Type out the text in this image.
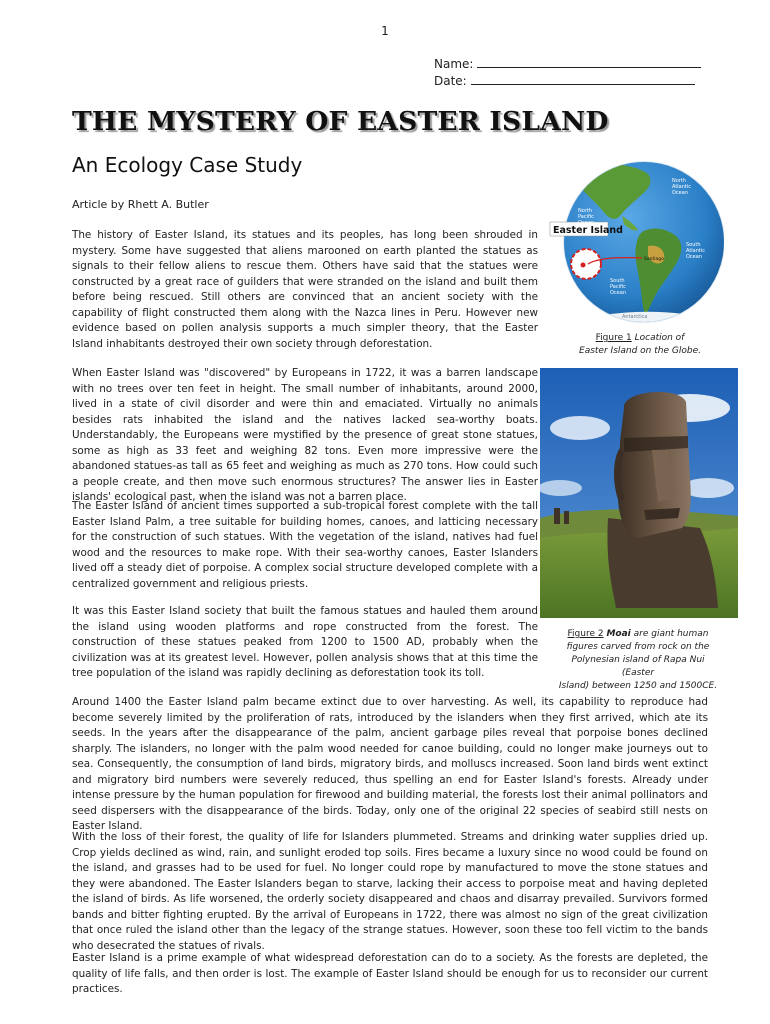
1
Name:
Date:
THE MYSTERY OF EASTER ISLAND
An Ecology Case Study
Article by Rhett A. Butler

The history of Easter Island, its statues and its peoples, has long been shrouded in mystery. Some have suggested that aliens marooned on earth planted the statues as signals to their fellow aliens to rescue them. Others have said that the statues were constructed by a great race of guilders that were stranded on the island and built them before being rescued. Still others are convinced that an ancient society with the capability of flight constructed them along with the Nazca lines in Peru. However new evidence based on pollen analysis supports a much simpler theory, that the Easter Island inhabitants destroyed their own society through deforestation.

When Easter Island was "discovered" by Europeans in 1722, it was a barren landscape with no trees over ten feet in height. The small number of inhabitants, around 2000, lived in a state of civil disorder and were thin and emaciated. Virtually no animals besides rats inhabited the island and the natives lacked sea-worthy boats. Understandably, the Europeans were mystified by the presence of great stone statues, some as high as 33 feet and weighing 82 tons. Even more impressive were the abandoned statues-as tall as 65 feet and weighing as much as 270 tons. How could such a people create, and then move such enormous structures? The answer lies in Easter islands' ecological past, when the island was not a barren place.

The Easter Island of ancient times supported a sub-tropical forest complete with the tall Easter Island Palm, a tree suitable for building homes, canoes, and latticing necessary for the construction of such statues. With the vegetation of the island, natives had fuel wood and the resources to make rope. With their sea-worthy canoes, Easter Islanders lived off a steady diet of porpoise. A complex social structure developed complete with a centralized government and religious priests.

It was this Easter Island society that built the famous statues and hauled them around the island using wooden platforms and rope constructed from the forest. The construction of these statues peaked from 1200 to 1500 AD, probably when the civilization was at its greatest level. However, pollen analysis shows that at this time the tree population of the island was rapidly declining as deforestation took its toll.

Around 1400 the Easter Island palm became extinct due to over harvesting. As well, its capability to reproduce had become severely limited by the proliferation of rats, introduced by the islanders when they first arrived, which ate its seeds. In the years after the disappearance of the palm, ancient garbage piles reveal that porpoise bones declined sharply. The islanders, no longer with the palm wood needed for canoe building, could no longer make journeys out to sea. Consequently, the consumption of land birds, migratory birds, and molluscs increased. Soon land birds went extinct and migratory bird numbers were severely reduced, thus spelling an end for Easter Island's forests. Already under intense pressure by the human population for firewood and building material, the forests lost their animal pollinators and seed dispersers with the disappearance of the birds. Today, only one of the original 22 species of seabird still nests on Easter Island.

With the loss of their forest, the quality of life for Islanders plummeted. Streams and drinking water supplies dried up. Crop yields declined as wind, rain, and sunlight eroded top soils. Fires became a luxury since no wood could be found on the island, and grasses had to be used for fuel. No longer could rope by manufactured to move the stone statues and they were abandoned. The Easter Islanders began to starve, lacking their access to porpoise meat and having depleted the island of birds. As life worsened, the orderly society disappeared and chaos and disarray prevailed. Survivors formed bands and bitter fighting erupted. By the arrival of Europeans in 1722, there was almost no sign of the great civilization that once ruled the island other than the legacy of the strange statues. However, soon these too fell victim to the bands who desecrated the statues of rivals.

Easter Island is a prime example of what widespread deforestation can do to a society. As the forests are depleted, the quality of life falls, and then order is lost. The example of Easter Island should be enough for us to reconsider our current practices.

Easter Island
North
Pacific
Ocean
North
Atlantic
Ocean
South
Atlantic
Ocean
South
Pacific
Ocean
Antarctica
Santiago
Figure 1 Location of
Easter Island on the Globe.
Figure 2 Moai are giant human
figures carved from rock on the
Polynesian island of Rapa Nui (Easter
Island) between 1250 and 1500CE.
